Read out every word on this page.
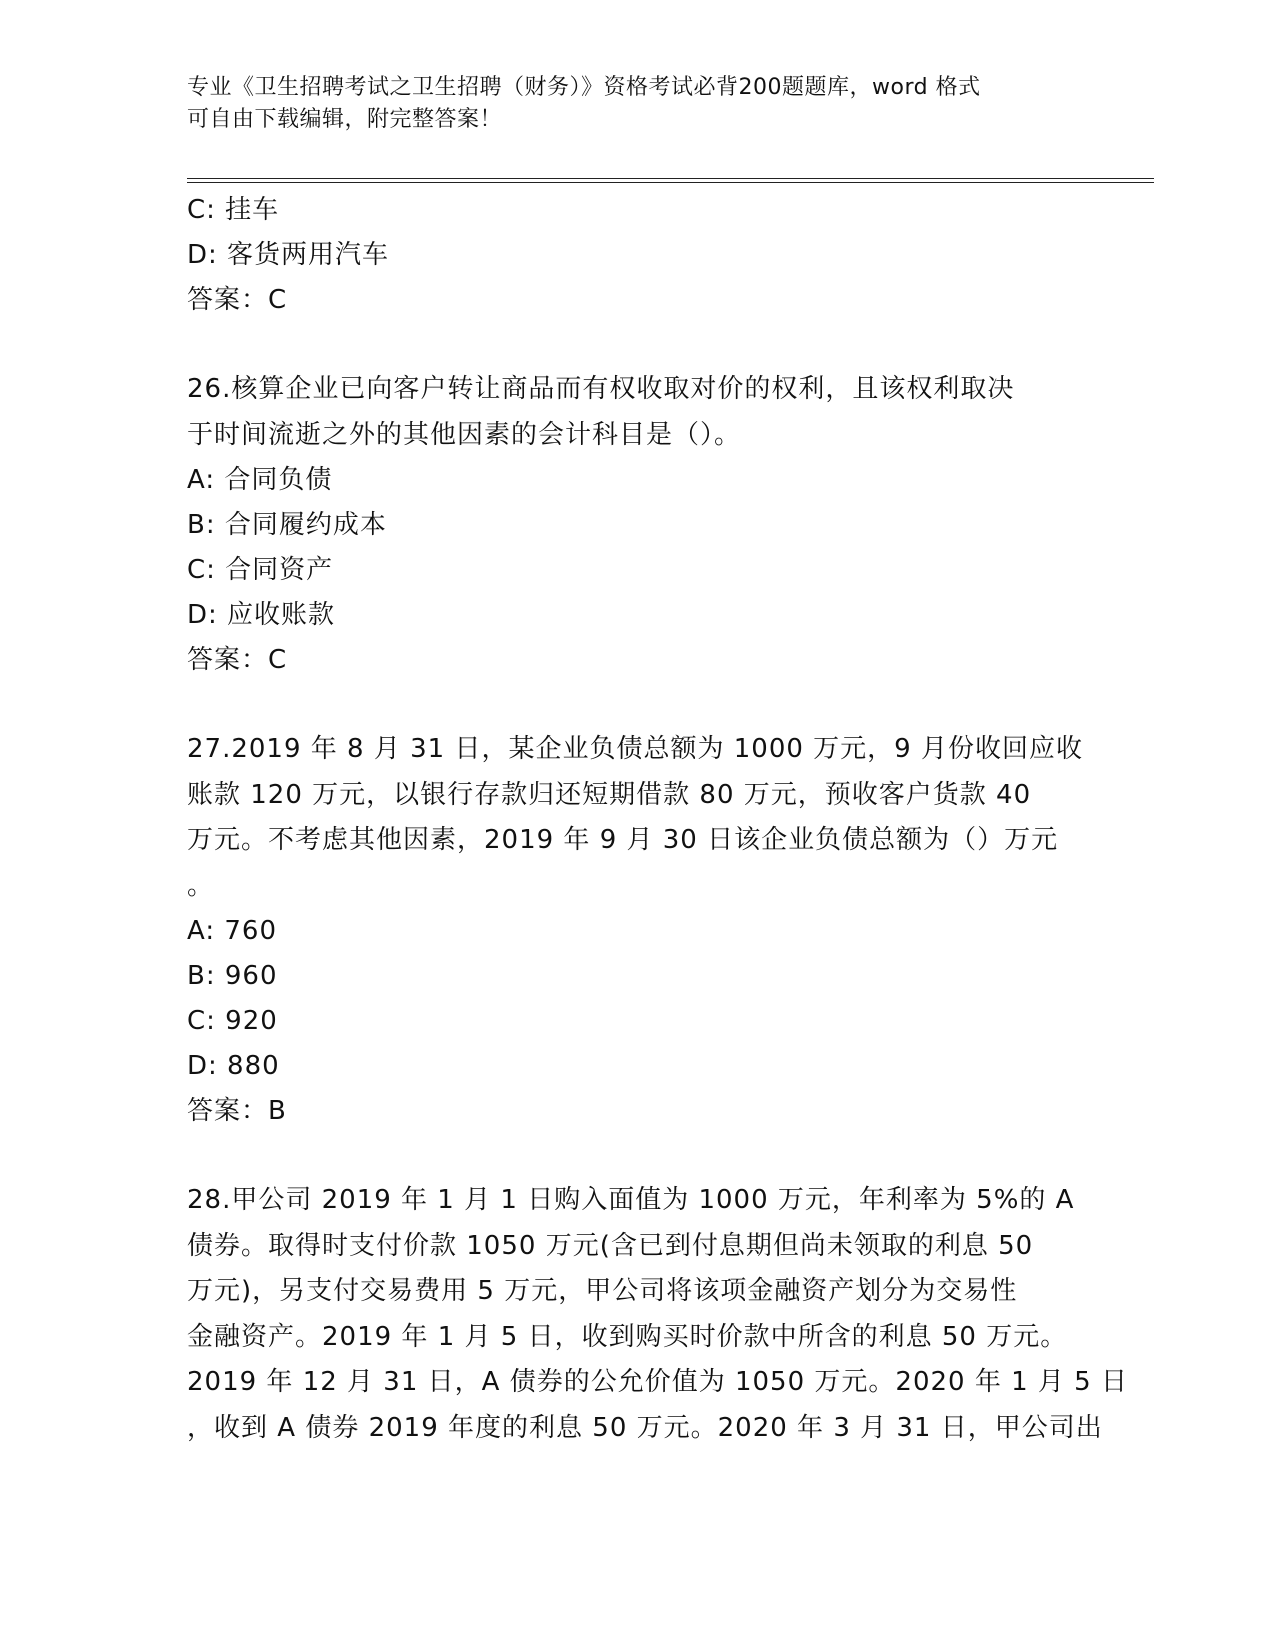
专业《卫生招聘考试之卫生招聘（财务）》资格考试必背200题题库，word 格式
可自由下载编辑，附完整答案！
C: 挂车
D: 客货两用汽车
答案：C
26.核算企业已向客户转让商品而有权收取对价的权利，且该权利取决
于时间流逝之外的其他因素的会计科目是（）。
A: 合同负债
B: 合同履约成本
C: 合同资产
D: 应收账款
答案：C
27.2019 年 8 月 31 日，某企业负债总额为 1000 万元，9 月份收回应收
账款 120 万元，以银行存款归还短期借款 80 万元，预收客户货款 40
万元。不考虑其他因素，2019 年 9 月 30 日该企业负债总额为（）万元
。
A: 760
B: 960
C: 920
D: 880
答案：B
28.甲公司 2019 年 1 月 1 日购入面值为 1000 万元，年利率为 5%的 A
债券。取得时支付价款 1050 万元(含已到付息期但尚未领取的利息 50
万元)，另支付交易费用 5 万元，甲公司将该项金融资产划分为交易性
金融资产。2019 年 1 月 5 日，收到购买时价款中所含的利息 50 万元。
2019 年 12 月 31 日，A 债券的公允价值为 1050 万元。2020 年 1 月 5 日
，收到 A 债券 2019 年度的利息 50 万元。2020 年 3 月 31 日，甲公司出
